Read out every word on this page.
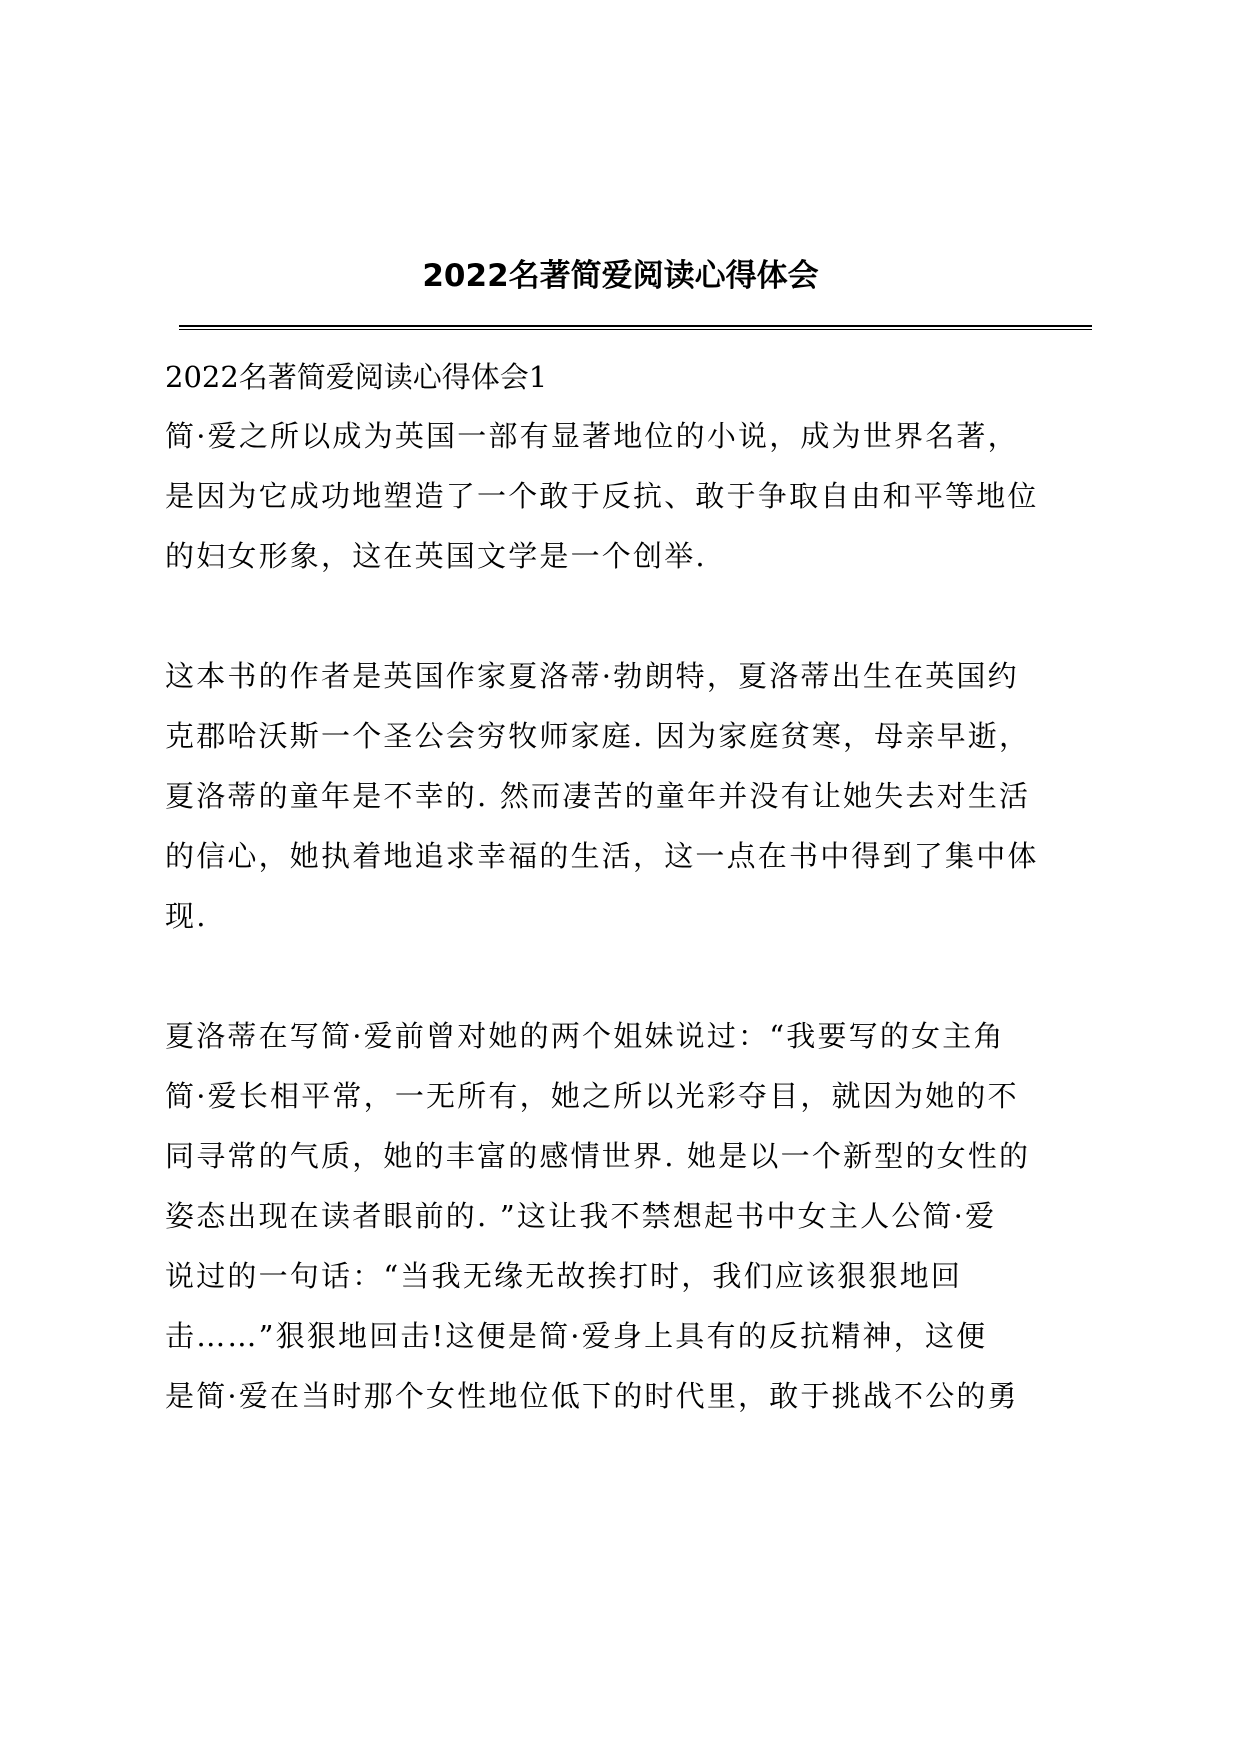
2022名著简爱阅读心得体会

2022名著简爱阅读心得体会1

简·爱之所以成为英国一部有显著地位的小说，成为世界名著，
是因为它成功地塑造了一个敢于反抗、敢于争取自由和平等地位
的妇女形象，这在英国文学是一个创举.
这本书的作者是英国作家夏洛蒂·勃朗特，夏洛蒂出生在英国约
克郡哈沃斯一个圣公会穷牧师家庭. 因为家庭贫寒，母亲早逝，
夏洛蒂的童年是不幸的. 然而凄苦的童年并没有让她失去对生活
的信心，她执着地追求幸福的生活，这一点在书中得到了集中体
现.
夏洛蒂在写简·爱前曾对她的两个姐妹说过：“我要写的女主角
简·爱长相平常，一无所有，她之所以光彩夺目，就因为她的不
同寻常的气质，她的丰富的感情世界. 她是以一个新型的女性的
姿态出现在读者眼前的. ”这让我不禁想起书中女主人公简·爱
说过的一句话：“当我无缘无故挨打时，我们应该狠狠地回
击……”狠狠地回击!这便是简·爱身上具有的反抗精神，这便
是简·爱在当时那个女性地位低下的时代里，敢于挑战不公的勇
